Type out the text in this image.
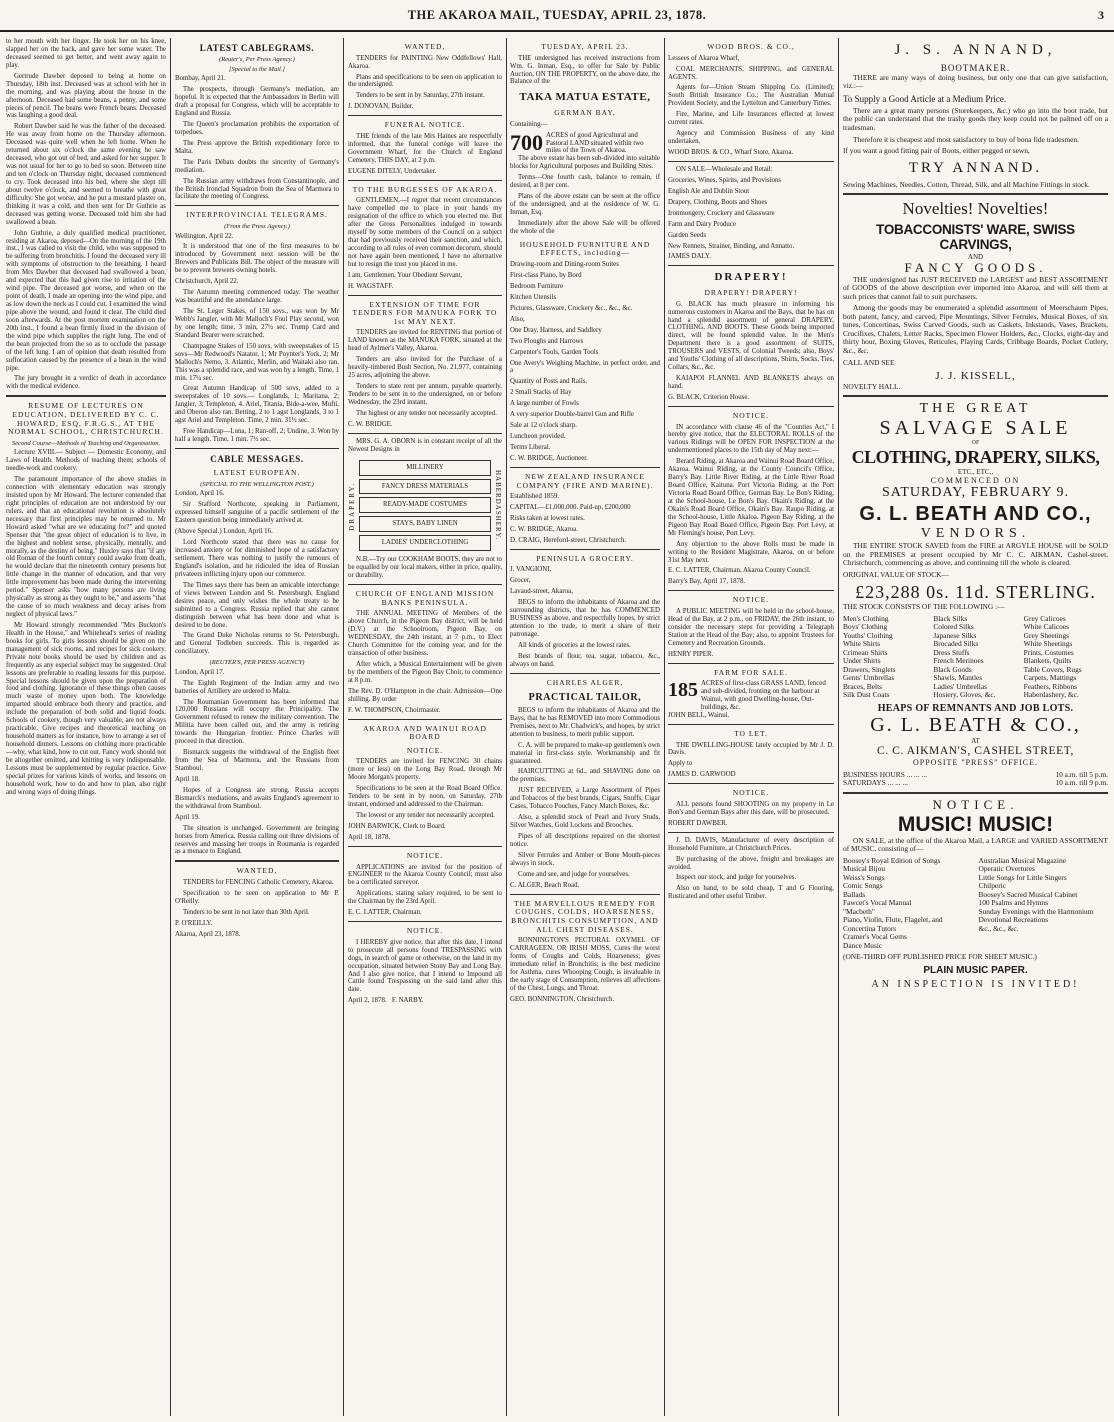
THE AKAROA MAIL, TUESDAY, APRIL 23, 1878.	3

to her mouth with her finger. He took her on his knee, slapped her on the back, and gave her some water. The deceased seemed to get better, and went away again to play.

Gertrude Dawber deposed to being at home on Thursday, 18th inst. Deceased was at school with her in the morning, and was playing about the house in the afternoon. Deceased had some beans, a penny, and some pieces of pencil. The beans were French beans. Deceased was laughing a good deal.

Robert Dawber said he was the father of the deceased. He was away from home on the Thursday afternoon. Deceased was quite well when he left home. When he returned about six o'clock the same evening he saw deceased, who got out of bed, and asked for her supper. It was not usual for her to go to bed so soon. Between nine and ten o'clock on Thursday night, deceased commenced to cry. Took deceased into his bed, where she slept till about twelve o'clock, and seemed to breathe with great difficulty. She got worse, and he put a mustard plaster on, thinking it was a cold, and then sent for Dr Guthrie as deceased was getting worse. Deceased told him she had swallowed a bean.

John Guthrie, a duly qualified medical practitioner, residing at Akaroa, deposed—On the morning of the 19th inst., I was called to visit the child, who was supposed to be suffering from bronchitis. I found the deceased very ill with symptoms of obstruction to the breathing. I heard from Mrs Dawber that deceased had swallowed a bean, and expected that this had given rise to irritation of the wind pipe. The deceased got worse, and when on the point of death, I made an opening into the wind pipe, and as low down the neck as I could cut. I examined the wind pipe above the wound, and found it clear. The child died soon afterwards. At the post mortem examination on the 20th inst., I found a bean firmly fixed in the division of the wind pipe which supplies the right lung. The end of the bean projected from the so as to occlude the passage of the left lung. I am of opinion that death resulted from suffocation caused by the presence of a bean in the wind pipe.

The jury brought in a verdict of death in accordance with the medical evidence.

RESUME OF LECTURES ON EDUCATION, DELIVERED BY C. C. HOWARD, ESQ, F.R.G.S., AT THE NORMAL SCHOOL, CHRISTCHURCH.
Second Course—Methods of Teaching and Organisation.

Lecture XVIII.— Subject — Domestic Economy, and Laws of Health. Methods of teaching them; schools of needle-work and cookery.

The paramount importance of the above studies in connection with elementary education was strongly insisted upon by Mr Howard. The lecturer contended that right principles of education are not understood by our rulers, and that an educational revolution is absolutely necessary that first principles may be returned to. Mr Howard asked "what are we educating for?" and quoted Spenser that "the great object of education is to live, in the highest and noblest sense, physically, mentally, and morally, as the destiny of being." Huxley says that "if any old Roman of the fourth century could awake from death, he would declare that the nineteenth century presents but little change in the manner of education, and that very little improvement has been made during the intervening period." Spenser asks "how many persons are living physically as strong as they ought to be," and asserts "that the cause of so much weakness and decay arises from neglect of physical laws."

Mr Howard strongly recommended "Mrs Buckton's Health in the House," and Whitehead's series of reading books for girls. To girls lessons should be given on the management of sick rooms, and recipes for sick cookery. Private note books should be used by children and as frequently as any especial subject may be suggested. Oral lessons are preferable to reading lessons for this purpose. Special lessons should be given upon the preparation of food and clothing. Ignorance of these things often causes much waste of money upon both. The knowledge imparted should embrace both theory and practice, and include the preparation of both solid and liquid foods. Schools of cookery, though very valuable, are not always practicable. Give recipes and theoretical teaching on household matters as for instance, how to arrange a set of household dinners. Lessons on clothing more practicable—why, what kind, how to cut out. Fancy work should not be altogether omitted, and knitting is very indispensable. Lessons must be supplemented by regular practice. Give special prizes for various kinds of works, and lessons on household work, how to do and how to plan, also right and wrong ways of doing things.

LATEST CABLEGRAMS.
(Reuter's, Per Press Agency.)
[Special to the Mail.]

Bombay, April 21.

The prospects, through Germany's mediation, are hopeful. It is expected that the Ambassadors in Berlin will draft a proposal for Congress, which will be acceptable to England and Russia.

The Queen's proclamation prohibits the exportation of torpedoes.

The Press approve the British expeditionary force to Malta.

The Paris Débats doubts the sincerity of Germany's mediation.

The Russian army withdraws from Constantinople, and the British Ironclad Squadron from the Sea of Marmora to facilitate the meeting of Congress.

INTERPROVINCIAL TELEGRAMS.
(From the Press Agency.)

Wellington, April 22.

It is understood that one of the first measures to be introduced by Government next session will be the Brewers and Publicans Bill. The object of the measure will be to prevent brewers owning hotels.

Christchurch, April 22.

The Autumn meeting commenced today. The weather was beautiful and the attendance large.

The St. Leger Stakes, of 150 sovs., was won by Mr Webb's Jangler, with Mr Malloch's Foul Play second, won by one length; time, 3 min, 27½ sec. Trump Card and Standard Bearer were scratched.

Champagne Stakes of 150 sovs, with sweepstakes of 15 sovs—Mr Redwood's Natator, 1; Mr Poynter's York, 2; Mr Malloch's Nemo, 3. Atlantic, Merlin, and Waitaki also ran. This was a splendid race, and was won by a length. Time, 1 min. 17¼ sec.

Great Autumn Handicap of 500 sovs, added to a sweepstakes of 10 sovs.— Longlands, 1; Maritana, 2; Jangler, 3; Templeton, 4. Ariel, Titania, Bide-a-wee, Mufti, and Oberon also ran. Betting, 2 to 1 agst Longlands, 3 to 1 agst Ariel and Templeton. Time, 2 min. 31½ sec.

Free Handicap—Luna, 1; Ran-off, 2; Undine, 3. Won by half a length. Time, 1 min. 7½ sec.

CABLE MESSAGES.
LATEST EUROPEAN.
(SPECIAL TO THE WELLINGTON POST.)

London, April 16.

Sir Stafford Northcote, speaking in Parliament, expressed himself sanguine of a pacific settlement of the Eastern question being immediately arrived at.

(Above Special.) London, April 16.

Lord Northcote stated that there was no cause for increased anxiety or for diminished hope of a satisfactory settlement. There was nothing to justify the rumours of England's isolation, and he ridiculed the idea of Russian privateers inflicting injury upon our commerce.

The Times says there has been an amicable interchange of views between London and St. Petersburgh. England desires peace, and only wishes the whole treaty to be submitted to a Congress. Russia replied that she cannot distinguish between what has been done and what is desired to be done.

The Grand Duke Nicholas returns to St. Petersburgh, and General Todleben succeeds. This is regarded as conciliatory.

(REUTER'S, PER PRESS AGENCY)

London, April 17.

The Eighth Regiment of the Indian army and two batteries of Artillery are ordered to Malta.

The Roumanian Government has been informed that 120,000 Russians will occupy the Principality. The Government refused to renew the military convention. The Militia have been called out, and the army is retiring towards the Hungarian frontier. Prince Charles will proceed in that direction.

Bismarck suggests the withdrawal of the English fleet from the Sea of Marmora, and the Russians from Stamboul.

April 18.

Hopes of a Congress are strong. Russia accepts Bismarck's mediations, and awaits England's agreement to the withdrawal from Stamboul.

April 19.

The situation is unchanged. Government are bringing horses from America. Russia calling out three divisions of reserves and massing her troops in Roumania is regarded as a menace to England.

WANTED,

TENDERS for FENCING Catholic Cemetery, Akaroa.

Specification to be seen on application to Mr P. O'Reilly.

Tenders to be sent in not later than 30th April.

P. O'REILLY.

Akaroa, April 23, 1878.

WANTED,

TENDERS for PAINTING New Oddfellows' Hall, Akaroa.

Plans and specifications to be seen on application to the undersigned.

Tenders to be sent in by Saturday, 27th instant.

J. DONOVAN, Builder.

FUNERAL NOTICE.

THE friends of the late Mrs Haines are respectfully informed, that the funeral cortège will leave the Government Wharf, for the Church of England Cemetery, THIS DAY, at 2 p.m.

EUGENE DITELY, Undertaker.

TO THE BURGESSES OF AKAROA.

GENTLEMEN,—I regret that recent circumstances have compelled me to place in your hands my resignation of the office to which you elected me. But after the Gross Personalities indulged in towards myself by some members of the Council on a subject that had previously received their sanction, and which, according to all rules of even common decorum, should not have again been mentioned, I have no alternative but to resign the trust you placed in me.

I am, Gentlemen, Your Obedient Servant,

H. WAGSTAFF.

EXTENSION OF TIME FOR TENDERS FOR MANUKA FORK TO 1st MAY NEXT.

TENDERS are invited for RENTING that portion of LAND known as the MANUKA FORK, situated at the head of Aylmer's Valley, Akaroa.

Tenders are also invited for the Purchase of a heavily-timbered Bush Section, No. 21,977, containing 25 acres, adjoining the above.

Tenders to state rent per annum, payable quarterly. Tenders to be sent in to the undersigned, on or before Wednesday, the 23rd instant.

The highest or any tender not necessarily accepted.

C. W. BRIDGE.

MRS. G. A. OBORN is in constant receipt of all the Newest Designs in

DRAPERY.
MILLINERY
FANCY DRESS MATERIALS
READY-MADE COSTUMES
STAYS, BABY LINEN
LADIES' UNDERCLOTHING
HABERDASHERY.

N.B.—Try our COOKHAM BOOTS, they are not to be equalled by our local makers, either in price, quality, or durability.

CHURCH OF ENGLAND MISSION BANKS PENINSULA.

THE ANNUAL MEETING of Members of the above Church, in the Pigeon Bay district, will be held (D.V.) at the Schoolroom, Pigeon Bay, on WEDNESDAY, the 24th instant, at 7 p.m., to Elect Church Committee for the coming year, and for the transaction of other business.

After which, a Musical Entertainment will be given by the members of the Pigeon Bay Choir, to commence at 8 p.m.

The Rev. D. O'Hampton in the chair. Admission—One shilling. By order

F. W. THOMPSON, Choirmaster.

AKAROA AND WAINUI ROAD BOARD
NOTICE.

TENDERS are invited for FENCING 30 chains (more or less) on the Long Bay Road, through Mr Moore Morgan's property.

Specifications to be seen at the Road Board Office. Tenders to be sent in by noon, on Saturday, 27th instant, endorsed and addressed to the Chairman.

The lowest or any tender not necessarily accepted.

JOHN BARWICK, Clerk to Board.

April 18, 1878.

NOTICE.

APPLICATIONS are invited for the position of ENGINEER to the Akaroa County Council; must also be a certificated surveyor.

Applications, stating salary required, to be sent to the Chairman by the 23rd April.

E. C. LATTER, Chairman.

NOTICE.

I HEREBY give notice, that after this date, I intend to prosecute all persons found TRESPASSING with dogs, in search of game or otherwise, on the land in my occupation, situated between Stony Bay and Long Bay. And I also give notice, that I intend to Impound all Cattle found Trespassing on the said land after this date.

April 2, 1878. F. NARBY.

TUESDAY, APRIL 23.

THE undersigned has received instructions from Wm. G. Inman, Esq., to offer for Sale by Public Auction, ON THE PROPERTY, on the above date, the Balance of the

TAKA MATUA ESTATE,
GERMAN BAY,

Containing—

700 ACRES of good Agricultural and Pastoral LAND situated within two miles of the Town of Akaroa.

The above estate has been sub-divided into suitable blocks for Agricultural purposes and Building Sites.

Terms—One fourth cash, balance to remain, if desired, at 8 per cent.

Plans of the above estate can be seen at the office of the undersigned, and at the residence of W. G. Inman, Esq.

Immediately after the above Sale will be offered the whole of the

HOUSEHOLD FURNITURE AND EFFECTS, including—

Drawing-room and Dining-room Suites

First-class Piano, by Bord

Bedroom Furniture

Kitchen Utensils

Pictures, Glassware, Crockery &c., &c., &c.

Also,

One Dray, Harness, and Saddlery

Two Ploughs and Harrows

Carpenter's Tools, Garden Tools

One Avery's Weighing Machine, in perfect order, and a

Quantity of Posts and Rails.

2 Small Stacks of Hay

A large number of Fowls

A very superior Double-barrel Gun and Rifle

Sale at 12 o'clock sharp.

Luncheon provided.

Terms Liberal.

C. W. BRIDGE, Auctioneer.

NEW ZEALAND INSURANCE COMPANY (FIRE AND MARINE).

Established 1859.

CAPITAL—£1,000,000. Paid-up, £200,000

Risks taken at lowest rates.

C. W. BRIDGE, Akaroa.

D. CRAIG, Hereford-street, Christchurch.

PENINSULA GROCERY.

J. VANGIONI,

Grocer,

Lavaud-street, Akaroa,

BEGS to inform the inhabitants of Akaroa and the surrounding districts, that he has COMMENCED BUSINESS as above, and respectfully hopes, by strict attention to the trade, to merit a share of their patronage.

All kinds of groceries at the lowest rates.

Best brands of flour, tea, sugar, tobacco, &c., always on hand.

CHARLES ALGER,
PRACTICAL TAILOR,

BEGS to inform the inhabitants of Akaroa and the Bays, that he has REMOVED into more Commodious Premises, next to Mr. Chadwick's, and hopes, by strict attention to business, to merit public support.

C. A. will be prepared to make-up gentlemen's own material in first-class style. Workmanship and fit guaranteed.

HAIRCUTTING at 6d., and SHAVING done on the premises.

JUST RECEIVED, a Large Assortment of Pipes and Tobaccos of the best brands, Cigars, Snuffs, Cigar Cases, Tobacco Pouches, Fancy Match Boxes, &c.

Also, a splendid stock of Pearl and Ivory Studs, Silver Watches, Gold Lockets and Brooches.

Pipes of all descriptions repaired on the shortest notice.

Silver Ferrules and Amber or Bone Mouth-pieces always in stock.

Come and see, and judge for yourselves.

C. ALGER, Beach Road.

THE MARVELLOUS REMEDY FOR COUGHS, COLDS, HOARSENESS, BRONCHITIS CONSUMPTION, AND ALL CHEST DISEASES.

BONNINGTON'S PECTORAL OXYMEL OF CARRAGEEN, OR IRISH MOSS, Cures the worst forms of Coughs and Colds, Hoarseness; gives immediate relief in Bronchitis; is the best medicine for Asthma, cures Whooping Cough, is invaluable in the early stage of Consumption, relieves all affections of the Chest, Lungs, and Throat.

GEO. BONNINGTON, Christchurch.

WOOD BROS. & CO.,

Lessees of Akaroa Wharf,

COAL MERCHANTS, SHIPPING, and GENERAL AGENTS.

Agents for—Union Steam Shipping Co. (Limited); South British Insurance Co.; The Australian Mutual Provident Society, and the Lyttelton and Canterbury Times.

Fire, Marine, and Life Insurances effected at lowest current rates.

Agency and Commission Business of any kind undertaken.

WOOD BROS. & CO., Wharf Store, Akaroa.

ON SALE—Wholesale and Retail:

Groceries, Wines, Spirits, and Provisions

English Ale and Dublin Stout

Drapery, Clothing, Boots and Shoes

Ironmongery, Crockery and Glassware

Farm and Dairy Produce

Garden Seeds

New Rennets, Strainer, Binding, and Annatto.

JAMES DALY.

DRAPERY!
DRAPERY! DRAPERY!

G. BLACK has much pleasure in informing his numerous customers in Akaroa and the Bays, that he has on hand a splendid assortment of general DRAPERY, CLOTHING, AND BOOTS. These Goods being imported direct, will be found splendid value. In the Men's Department there is a good assortment of SUITS, TROUSERS and VESTS, of Colonial Tweeds; also, Boys' and Youths' Clothing of all descriptions, Shirts, Socks, Ties, Collars, &c., &c.

KAIAPOI FLANNEL AND BLANKETS always on hand.

G. BLACK, Criterion House.

NOTICE.

IN accordance with clause 46 of the "Counties Act," I hereby give notice, that the ELECTORAL ROLLS of the various Ridings will be OPEN FOR INSPECTION at the undermentioned places to the 15th day of May next:—

Berard Riding, at Akaroa and Wainui Road Board Office, Akaroa. Wainui Riding, at the County Council's Office, Barry's Bay. Little River Riding, at the Little River Road Board Office, Kaituna. Port Victoria Riding, at the Port Victoria Road Board Office, German Bay. Le Bon's Riding, at the School-house, Le Bon's Bay. Okain's Riding, at the Okain's Road Board Office, Okain's Bay. Raupo Riding, at the School-house, Little Akaloa. Pigeon Bay Riding, at the Pigeon Bay Road Board Office, Pigeon Bay. Port Levy, at Mr Fleming's house, Port Levy.

Any objection to the above Rolls must be made in writing to the Resident Magistrate, Akaroa, on or before 31st May next.

E. C. LATTER, Chairman, Akaroa County Council.

Barry's Bay, April 17, 1878.

NOTICE.

A PUBLIC MEETING will be held in the school-house, Head of the Bay, at 2 p.m., on FRIDAY, the 26th instant, to consider the necessary steps for providing a Telegraph Station at the Head of the Bay; also, to appoint Trustees for Cemetery and Recreation Grounds.

HENRY PIPER.

FARM FOR SALE.
185 ACRES of first-class GRASS LAND, fenced and sub-divided, fronting on the harbour at Wainui, with good Dwelling-house, Out-buildings, &c.

JOHN BELL, Wainui.

TO LET.

THE DWELLING-HOUSE lately occupied by Mr J. D. Davis.

Apply to

JAMES D. GARWOOD

NOTICE.

ALL persons found SHOOTING on my property in Le Bon's and German Bays after this date, will be prosecuted.

ROBERT DAWBER.

J. D. DAVIS, Manufacturer of every description of Household Furniture, at Christchurch Prices.

By purchasing of the above, freight and breakages are avoided.

Inspect our stock, and judge for yourselves.

Also on hand, to be sold cheap, T and G Flooring, Rusticated and other useful Timber.

J. S. ANNAND,
BOOTMAKER.

THERE are many ways of doing business, but only one that can give satisfaction, viz.:—

To Supply a Good Article at a Medium Price.

There are a great many persons (Storekeepers, &c.) who go into the boot trade, but the public can understand that the trashy goods they keep could not be palmed off on a tradesman.

Therefore it is cheapest and most satisfactory to buy of bona fide tradesmen.

If you want a good fitting pair of Boots, either pegged or sewn,

TRY ANNAND.

Sewing Machines, Needles, Cotton, Thread, Silk, and all Machine Fittings in stock.

Novelties! Novelties!
TOBACCONISTS' WARE, SWISS CARVINGS,
AND
FANCY GOODS.

THE undersigned has JUST RECEIVED the LARGEST and BEST ASSORTMENT of GOODS of the above description ever imported into Akaroa, and will sell them at such prices that cannot fail to suit purchasers.

Among the goods may be enumerated a splendid assortment of Meerschaum Pipes, both patent, fancy, and carved, Pipe Mountings, Silver Ferrules, Musical Boxes, of six tunes, Concertinas, Swiss Carved Goods, such as Caskets, Inkstands, Vases, Brackets, Crucifixes, Chalets, Letter Racks, Specimen Flower Holders, &c., Clocks, eight-day and thirty hour, Boxing Gloves, Reticules, Playing Cards, Cribbage Boards, Pocket Cutlery, &c., &c.

CALL AND SEE

J. J. KISSELL,

NOVELTY HALL.

THE GREAT
SALVAGE SALE
OF
CLOTHING, DRAPERY, SILKS,
ETC., ETC.,
COMMENCED ON
SATURDAY, FEBRUARY 9.
G. L. BEATH AND CO.,
VENDORS.

THE ENTIRE STOCK SAVED from the FIRE at ARGYLE HOUSE will be SOLD on the PREMISES at present occupied by Mr C. C. AIKMAN, Cashel-street, Christchurch, commencing as above, and continuing till the whole is cleared.

ORIGINAL VALUE OF STOCK—

£23,288 0s. 11d. STERLING.

THE STOCK CONSISTS OF THE FOLLOWING :—

Men's Clothing	Black Silks	Grey Calicoes
Boys' Clothing	Colored Silks	White Calicoes
Youths' Clothing	Japanese Silks	Grey Sheetings
White Shirts	Brocaded Silks	White Sheetings
Crimean Shirts	Dress Stuffs	Prints, Costumes
Under Shirts	French Merinoes	Blankets, Quilts
Drawers, Singlets	Black Goods	Table Covers, Rugs
Gents' Umbrellas	Shawls, Mantles	Carpets, Mattings
Braces, Belts	Ladies' Umbrellas	Feathers, Ribbons
Silk Dust Coats	Hosiery, Gloves, &c.	Haberdashery, &c.
HEAPS OF REMNANTS AND JOB LOTS.
G. L. BEATH & CO.,
AT
C. C. AIKMAN'S, CASHEL STREET,
OPPOSITE "PRESS" OFFICE.
BUSINESS HOURS ... ... ...	10 a.m. till 5 p.m.
SATURDAYS ... ... ...	10 a.m. till 9 p.m.
NOTICE.
MUSIC! MUSIC!

ON SALE, at the office of the Akaroa Mail, a LARGE and VARIED ASSORTMENT of MUSIC, consisting of—

Boosey's Royal Edition of Songs
Musical Bijou
Weiss's Songs
Comic Songs
Ballads
Fawcet's Vocal Manual
"Macbeth"
Piano, Violin, Flute, Flagelet, and Concertina Tutors
Cramer's Vocal Gems
Dance Music
Australian Musical Magazine
Operatic Overtures
Little Songs for Little Singers
Chilperic
Boosey's Sacred Musical Cabinet
100 Psalms and Hymns
Sunday Evenings with the Harmonium
Devotional Recreations
&c., &c., &c.

(ONE-THIRD OFF PUBLISHED PRICE FOR SHEET MUSIC.)

PLAIN MUSIC PAPER.
AN INSPECTION IS INVITED!
